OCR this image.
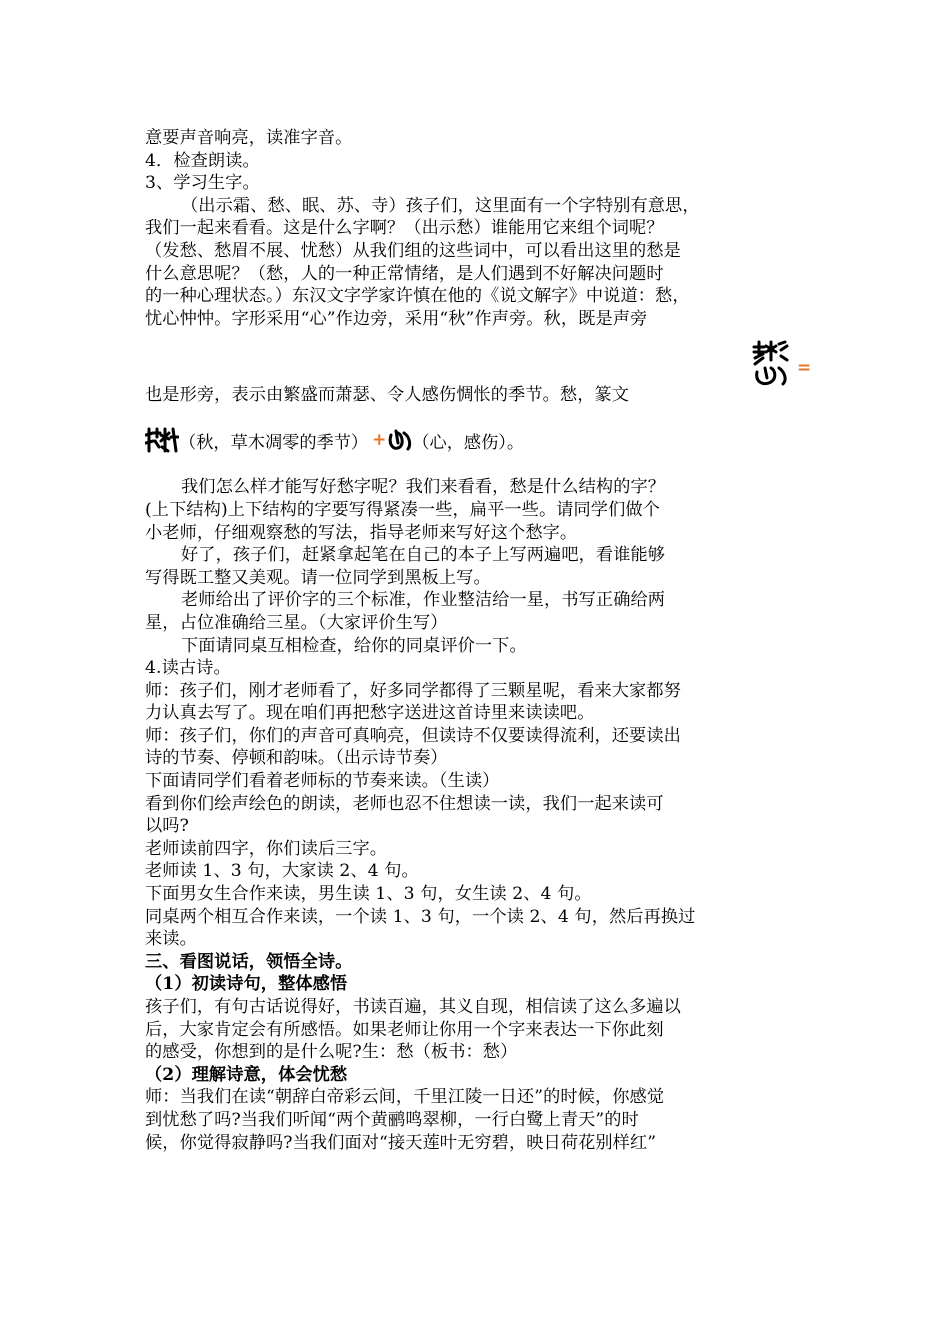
意要声音响亮，读准字音。

4．检查朗读。

3、学习生字。

（出示霜、愁、眠、苏、寺）孩子们，这里面有一个字特别有意思，

我们一起来看看。这是什么字啊？（出示愁）谁能用它来组个词呢？

（发愁、愁眉不展、忧愁）从我们组的这些词中，可以看出这里的愁是

什么意思呢？（愁，人的一种正常情绪，是人们遇到不好解决问题时

的一种心理状态。）东汉文字学家许慎在他的《说文解字》中说道：愁，

忧心忡忡。字形采用“心”作边旁，采用“秋”作声旁。秋，既是声旁

也是形旁，表示由繁盛而萧瑟、令人感伤惆怅的季节。愁，篆文
=
（秋，草木凋零的季节） + （心，感伤）。

我们怎么样才能写好愁字呢？我们来看看，愁是什么结构的字？

(上下结构)上下结构的字要写得紧凑一些，扁平一些。请同学们做个

小老师，仔细观察愁的写法，指导老师来写好这个愁字。

好了，孩子们，赶紧拿起笔在自己的本子上写两遍吧，看谁能够

写得既工整又美观。请一位同学到黑板上写。

老师给出了评价字的三个标准，作业整洁给一星，书写正确给两

星，占位准确给三星。（大家评价生写）

下面请同桌互相检查，给你的同桌评价一下。

4.读古诗。

师：孩子们，刚才老师看了，好多同学都得了三颗星呢，看来大家都努

力认真去写了。现在咱们再把愁字送进这首诗里来读读吧。

师：孩子们，你们的声音可真响亮，但读诗不仅要读得流利，还要读出

诗的节奏、停顿和韵味。（出示诗节奏）

下面请同学们看着老师标的节奏来读。（生读）

看到你们绘声绘色的朗读，老师也忍不住想读一读，我们一起来读可

以吗?

老师读前四字，你们读后三字。

老师读 1、3 句，大家读 2、4 句。

下面男女生合作来读，男生读 1、3 句，女生读 2、4 句。

同桌两个相互合作来读，一个读 1、3 句，一个读 2、4 句，然后再换过

来读。

三、看图说话，领悟全诗。

（1）初读诗句，整体感悟

孩子们，有句古话说得好，书读百遍，其义自现，相信读了这么多遍以

后，大家肯定会有所感悟。如果老师让你用一个字来表达一下你此刻

的感受，你想到的是什么呢?生：愁（板书：愁）

（2）理解诗意，体会忧愁

师：当我们在读“朝辞白帝彩云间，千里江陵一日还”的时候，你感觉

到忧愁了吗?当我们听闻“两个黄鹂鸣翠柳，一行白鹭上青天”的时

候，你觉得寂静吗?当我们面对“接天莲叶无穷碧，映日荷花别样红”
